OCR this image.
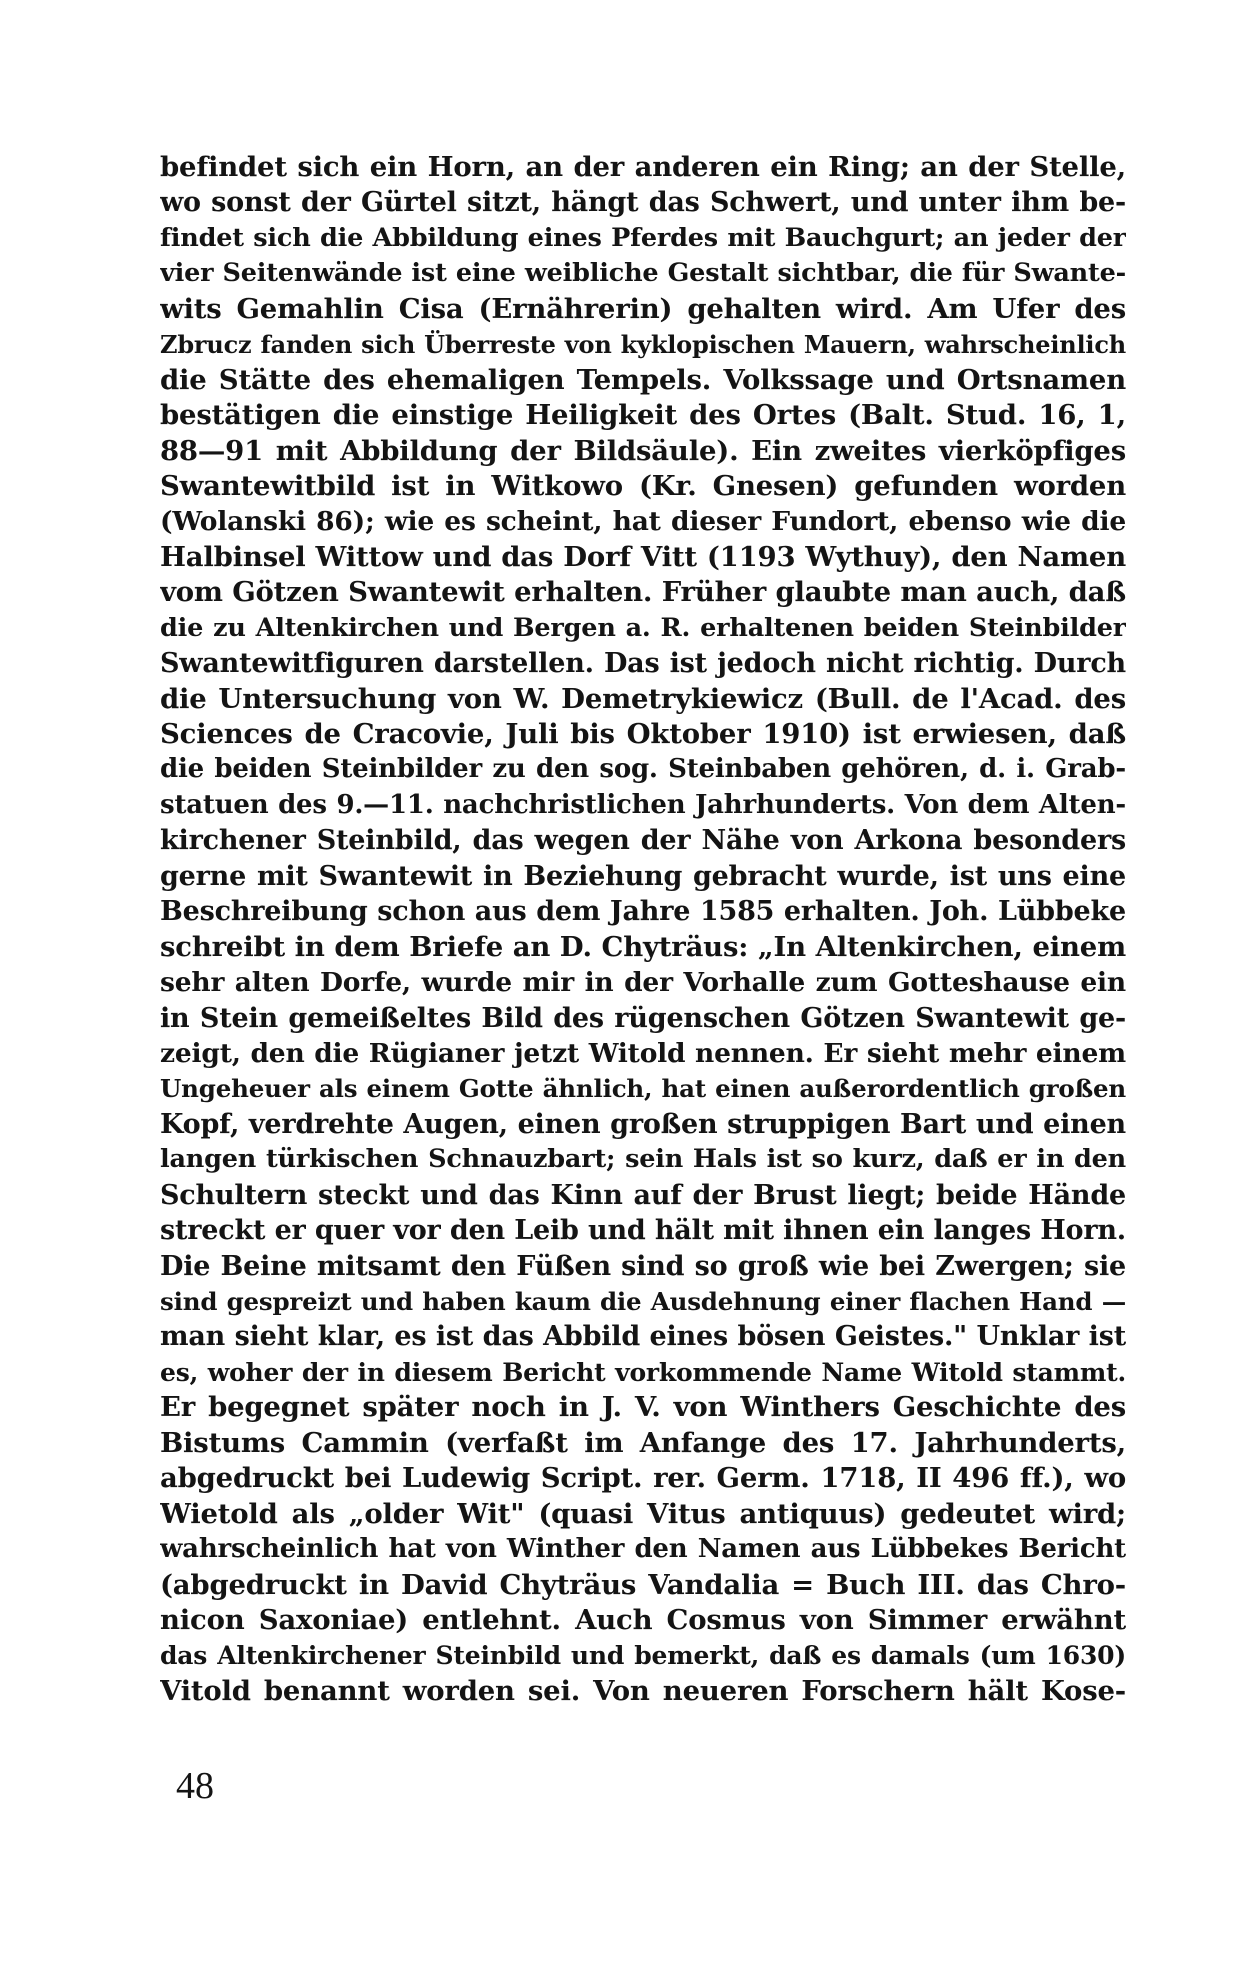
befindet sich ein Horn, an der anderen ein Ring; an der Stelle,
wo sonst der Gürtel sitzt, hängt das Schwert, und unter ihm be-
findet sich die Abbildung eines Pferdes mit Bauchgurt; an jeder der
vier Seitenwände ist eine weibliche Gestalt sichtbar, die für Swante-
wits Gemahlin Cisa (Ernährerin) gehalten wird. Am Ufer des
Zbrucz fanden sich Überreste von kyklopischen Mauern, wahrscheinlich
die Stätte des ehemaligen Tempels. Volkssage und Ortsnamen
bestätigen die einstige Heiligkeit des Ortes (Balt. Stud. 16, 1,
88—91 mit Abbildung der Bildsäule). Ein zweites vierköpfiges
Swantewitbild ist in Witkowo (Kr. Gnesen) gefunden worden
(Wolanski 86); wie es scheint, hat dieser Fundort, ebenso wie die
Halbinsel Wittow und das Dorf Vitt (1193 Wythuy), den Namen
vom Götzen Swantewit erhalten. Früher glaubte man auch, daß
die zu Altenkirchen und Bergen a. R. erhaltenen beiden Steinbilder
Swantewitfiguren darstellen. Das ist jedoch nicht richtig. Durch
die Untersuchung von W. Demetrykiewicz (Bull. de l'Acad. des
Sciences de Cracovie, Juli bis Oktober 1910) ist erwiesen, daß
die beiden Steinbilder zu den sog. Steinbaben gehören, d. i. Grab-
statuen des 9.—11. nachchristlichen Jahrhunderts. Von dem Alten-
kirchener Steinbild, das wegen der Nähe von Arkona besonders
gerne mit Swantewit in Beziehung gebracht wurde, ist uns eine
Beschreibung schon aus dem Jahre 1585 erhalten. Joh. Lübbeke
schreibt in dem Briefe an D. Chyträus: „In Altenkirchen, einem
sehr alten Dorfe, wurde mir in der Vorhalle zum Gotteshause ein
in Stein gemeißeltes Bild des rügenschen Götzen Swantewit ge-
zeigt, den die Rügianer jetzt Witold nennen. Er sieht mehr einem
Ungeheuer als einem Gotte ähnlich, hat einen außerordentlich großen
Kopf, verdrehte Augen, einen großen struppigen Bart und einen
langen türkischen Schnauzbart; sein Hals ist so kurz, daß er in den
Schultern steckt und das Kinn auf der Brust liegt; beide Hände
streckt er quer vor den Leib und hält mit ihnen ein langes Horn.
Die Beine mitsamt den Füßen sind so groß wie bei Zwergen; sie
sind gespreizt und haben kaum die Ausdehnung einer flachen Hand —
man sieht klar, es ist das Abbild eines bösen Geistes." Unklar ist
es, woher der in diesem Bericht vorkommende Name Witold stammt.
Er begegnet später noch in J. V. von Winthers Geschichte des
Bistums Cammin (verfaßt im Anfange des 17. Jahrhunderts,
abgedruckt bei Ludewig Script. rer. Germ. 1718, II 496 ff.), wo
Wietold als „older Wit" (quasi Vitus antiquus) gedeutet wird;
wahrscheinlich hat von Winther den Namen aus Lübbekes Bericht
(abgedruckt in David Chyträus Vandalia = Buch III. das Chro-
nicon Saxoniae) entlehnt. Auch Cosmus von Simmer erwähnt
das Altenkirchener Steinbild und bemerkt, daß es damals (um 1630)
Vitold benannt worden sei. Von neueren Forschern hält Kose-

48
